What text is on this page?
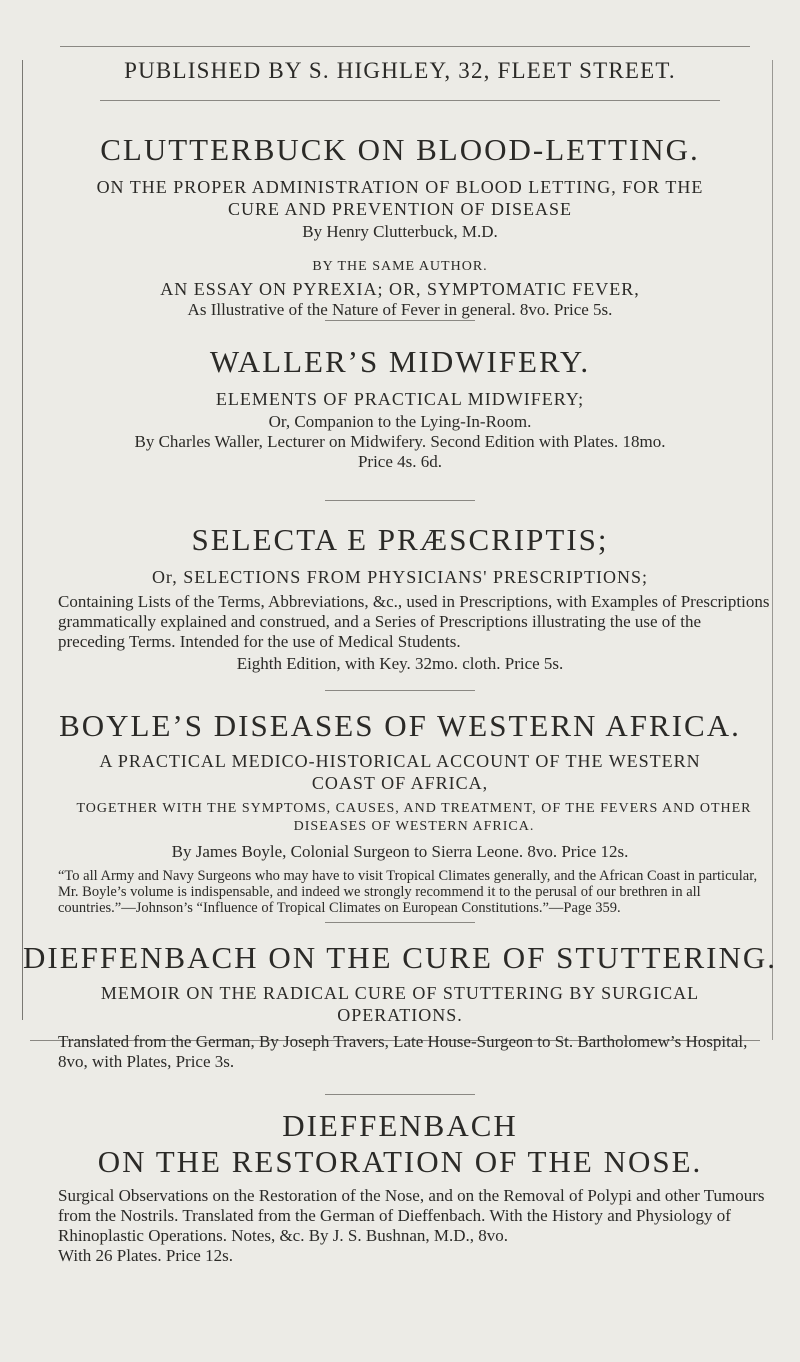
PUBLISHED BY S. HIGHLEY, 32, FLEET STREET.
CLUTTERBUCK ON BLOOD-LETTING.

ON THE PROPER ADMINISTRATION OF BLOOD LETTING, FOR THE CURE AND PREVENTION OF DISEASE

By Henry Clutterbuck, M.D.

BY THE SAME AUTHOR.

AN ESSAY ON PYREXIA; OR, SYMPTOMATIC FEVER,

As Illustrative of the Nature of Fever in general. 8vo. Price 5s.

WALLER’S MIDWIFERY.

ELEMENTS OF PRACTICAL MIDWIFERY;

Or, Companion to the Lying-In-Room.

By Charles Waller, Lecturer on Midwifery. Second Edition with Plates. 18mo.

Price 4s. 6d.

SELECTA E PRÆSCRIPTIS;

Or, SELECTIONS FROM PHYSICIANS' PRESCRIPTIONS;

Containing Lists of the Terms, Abbreviations, &c., used in Prescriptions, with Examples of Prescriptions grammatically explained and construed, and a Series of Prescriptions illustrating the use of the preceding Terms. Intended for the use of Medical Students.

Eighth Edition, with Key. 32mo. cloth. Price 5s.

BOYLE’S DISEASES OF WESTERN AFRICA.

A PRACTICAL MEDICO-HISTORICAL ACCOUNT OF THE WESTERN COAST OF AFRICA,

TOGETHER WITH THE SYMPTOMS, CAUSES, AND TREATMENT, OF THE FEVERS AND OTHER DISEASES OF WESTERN AFRICA.

By James Boyle, Colonial Surgeon to Sierra Leone. 8vo. Price 12s.

“To all Army and Navy Surgeons who may have to visit Tropical Climates generally, and the African Coast in particular, Mr. Boyle’s volume is indispensable, and indeed we strongly recommend it to the perusal of our brethren in all countries.”—Johnson’s “Influence of Tropical Climates on European Constitutions.”—Page 359.

DIEFFENBACH ON THE CURE OF STUTTERING.

MEMOIR ON THE RADICAL CURE OF STUTTERING BY SURGICAL OPERATIONS.

Translated from the German, By Joseph Travers, Late House-Surgeon to St. Bartholomew’s Hospital, 8vo, with Plates, Price 3s.

DIEFFENBACH
ON THE RESTORATION OF THE NOSE.

Surgical Observations on the Restoration of the Nose, and on the Removal of Polypi and other Tumours from the Nostrils. Translated from the German of Dieffenbach. With the History and Physiology of Rhinoplastic Operations. Notes, &c. By J. S. Bushnan, M.D., 8vo.

With 26 Plates. Price 12s.
